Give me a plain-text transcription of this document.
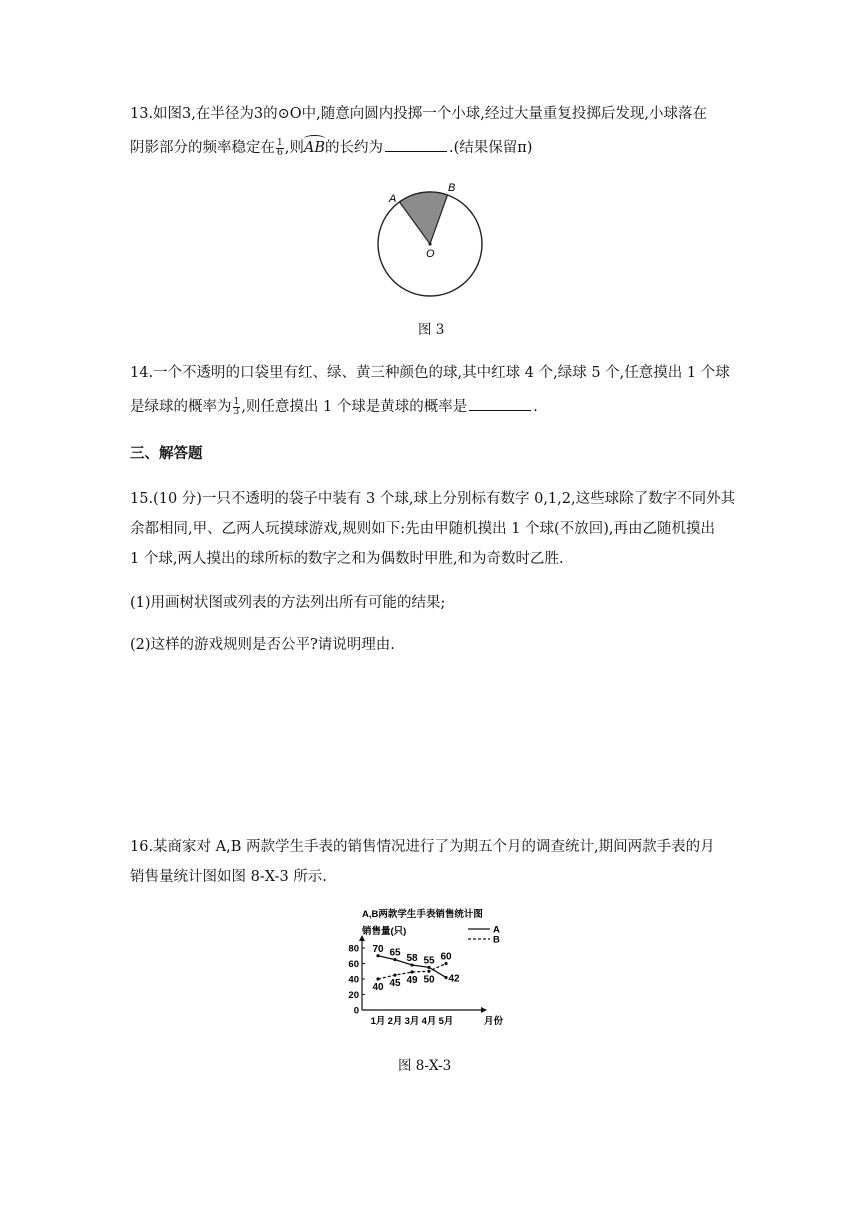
13.如图3,在半径为3的⊙O中,随意向圆内投掷一个小球,经过大量重复投掷后发现,小球落在
阴影部分的频率稳定在 $\frac{1}{6}$ ,则AB的长约为	.(结果保留π)
A
B
O
图 3
14.一个不透明的口袋里有红、绿、黄三种颜色的球,其中红球 4 个,绿球 5 个,任意摸出 1 个球
是绿球的概率为 $\frac{1}{3}$ ,则任意摸出 1 个球是黄球的概率是	.
三、解答题
15.(10 分)一只不透明的袋子中装有 3 个球,球上分别标有数字 0,1,2,这些球除了数字不同外其
余都相同,甲、乙两人玩摸球游戏,规则如下:先由甲随机摸出 1 个球(不放回),再由乙随机摸出
1 个球,两人摸出的球所标的数字之和为偶数时甲胜,和为奇数时乙胜.
(1)用画树状图或列表的方法列出所有可能的结果;
(2)这样的游戏规则是否公平?请说明理由.
16.某商家对 A,B 两款学生手表的销售情况进行了为期五个月的调查统计,期间两款手表的月
销售量统计图如图 8-X-3 所示.
A,B两款学生手表销售统计图
销售量(只)	A
B
0
20
40
60
80
1月 2月 3月 4月 5月
70 65 58 55
42
40 45 49 50
60
月份
图 8-X-3
